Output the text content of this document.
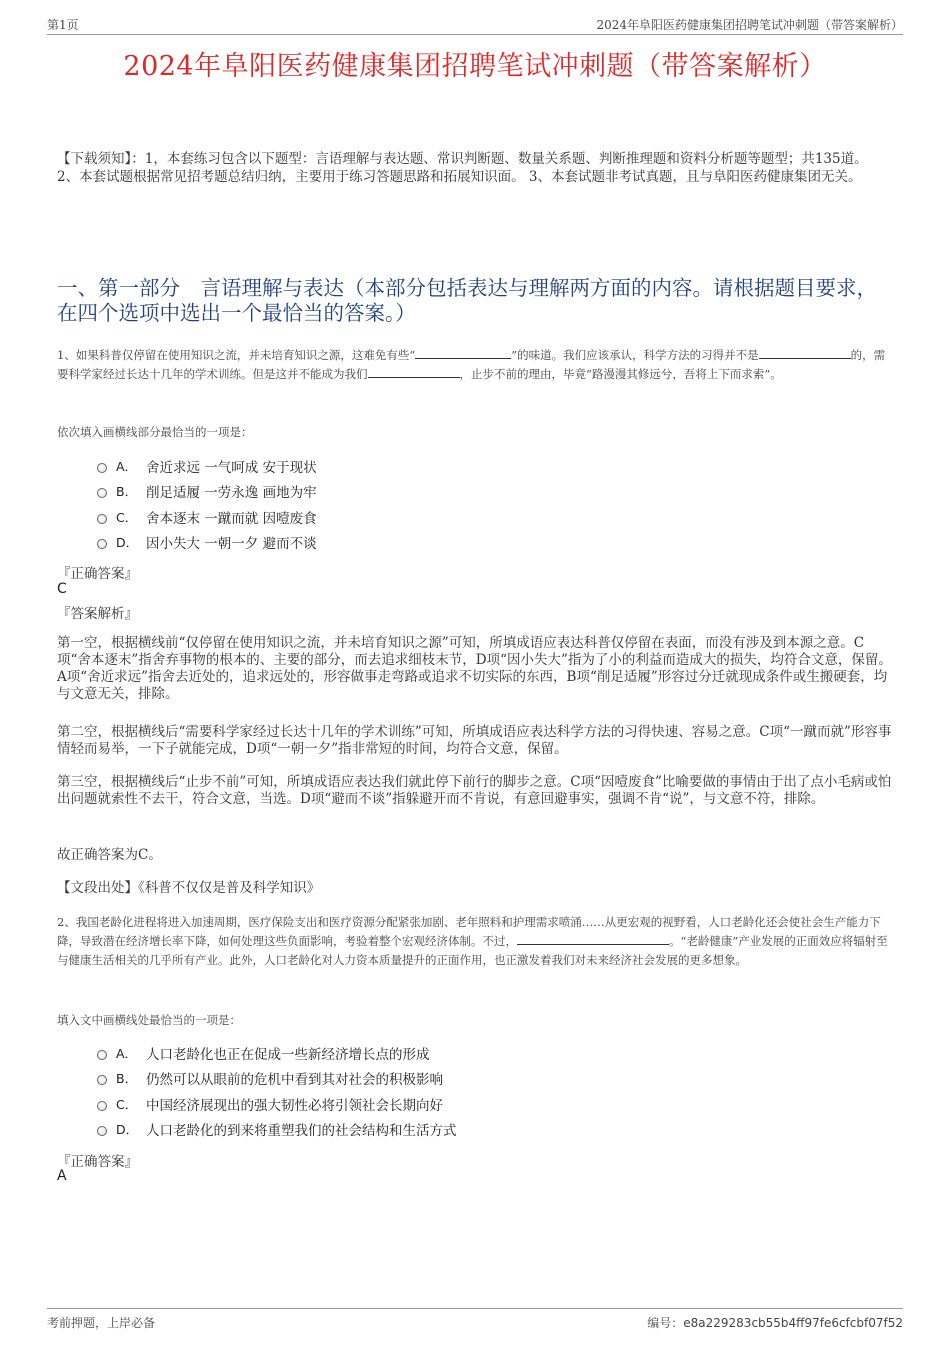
第1页	2024年阜阳医药健康集团招聘笔试冲刺题（带答案解析）
2024年阜阳医药健康集团招聘笔试冲刺题（带答案解析）
【下载须知】：1，本套练习包含以下题型：言语理解与表达题、常识判断题、数量关系题、判断推理题和资料分析题等题型；共135道。 2、本套试题根据常见招考题总结归纳，主要用于练习答题思路和拓展知识面。 3、本套试题非考试真题，且与阜阳医药健康集团无关。
一、第一部分　言语理解与表达（本部分包括表达与理解两方面的内容。请根据题目要求，在四个选项中选出一个最恰当的答案。）
1、如果科普仅停留在使用知识之流，并未培育知识之源，这难免有些“	”的味道。我们应该承认，科学方法的习得并不是	的，需要科学家经过长达十几年的学术训练。但是这并不能成为我们	，止步不前的理由，毕竟“路漫漫其修远兮，吾将上下而求索”。
依次填入画横线部分最恰当的一项是：
A． 舍近求远 一气呵成 安于现状
B． 削足适履 一劳永逸 画地为牢
C． 舍本逐末 一蹴而就 因噎废食
D． 因小失大 一朝一夕 避而不谈
『正确答案』
C
『答案解析』
第一空，根据横线前“仅停留在使用知识之流，并未培育知识之源”可知，所填成语应表达科普仅停留在表面，而没有涉及到本源之意。C项“舍本逐末”指舍弃事物的根本的、主要的部分，而去追求细枝末节，D项“因小失大”指为了小的利益而造成大的损失，均符合文意，保留。A项“舍近求远”指舍去近处的，追求远处的，形容做事走弯路或追求不切实际的东西，B项“削足适履”形容过分迁就现成条件或生搬硬套，均与文意无关，排除。
第二空，根据横线后“需要科学家经过长达十几年的学术训练”可知，所填成语应表达科学方法的习得快速、容易之意。C项“一蹴而就”形容事情轻而易举，一下子就能完成，D项“一朝一夕”指非常短的时间，均符合文意，保留。
第三空，根据横线后“止步不前”可知，所填成语应表达我们就此停下前行的脚步之意。C项“因噎废食”比喻要做的事情由于出了点小毛病或怕出问题就索性不去干，符合文意，当选。D项“避而不谈”指躲避开而不肯说，有意回避事实，强调不肯“说”，与文意不符，排除。
故正确答案为C。
【文段出处】《科普不仅仅是普及科学知识》
2、我国老龄化进程将进入加速周期，医疗保险支出和医疗资源分配紧张加剧、老年照料和护理需求喷涌……从更宏观的视野看，人口老龄化还会使社会生产能力下降，导致潜在经济增长率下降，如何处理这些负面影响，考验着整个宏观经济体制。不过，	。“老龄健康”产业发展的正面效应将辐射至与健康生活相关的几乎所有产业。此外，人口老龄化对人力资本质量提升的正面作用，也正激发着我们对未来经济社会发展的更多想象。
填入文中画横线处最恰当的一项是：
A． 人口老龄化也正在促成一些新经济增长点的形成
B． 仍然可以从眼前的危机中看到其对社会的积极影响
C． 中国经济展现出的强大韧性必将引领社会长期向好
D． 人口老龄化的到来将重塑我们的社会结构和生活方式
『正确答案』
A
考前押题，上岸必备	编号：e8a229283cb55b4ff97fe6cfcbf07f52
